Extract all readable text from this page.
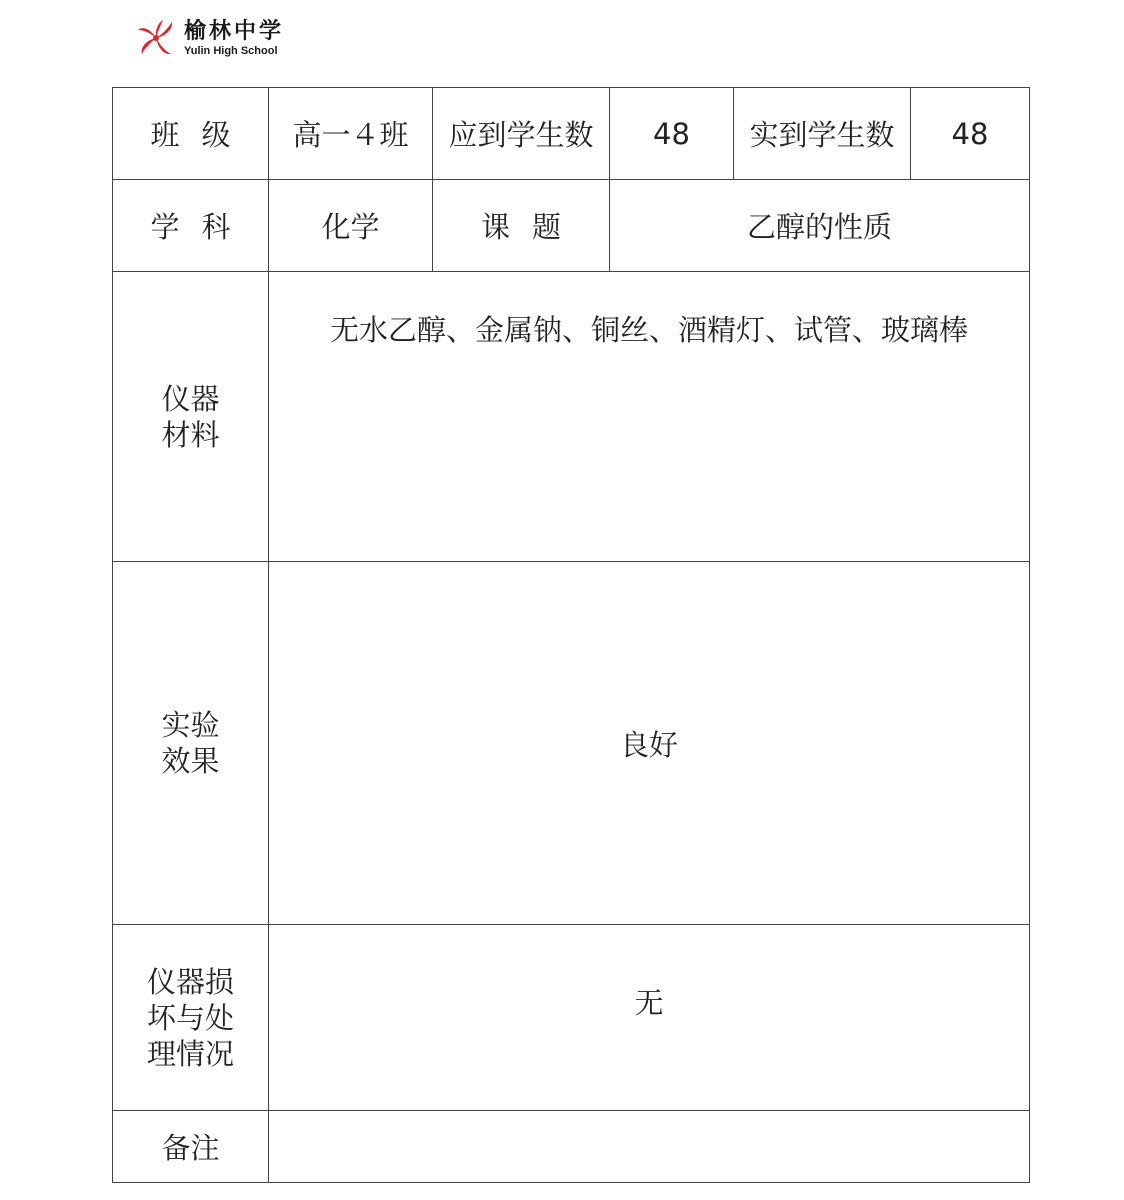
榆林中学
Yulin High School
班级	高一４班	应到学生数	48	实到学生数	48
学科	化学	课题	乙醇的性质		

仪器
材料	无水乙醇、金属钠、铜丝、酒精灯、试管、玻璃棒				

实验
效果	良好				

仪器损
坏与处
理情况	无				
备注					
